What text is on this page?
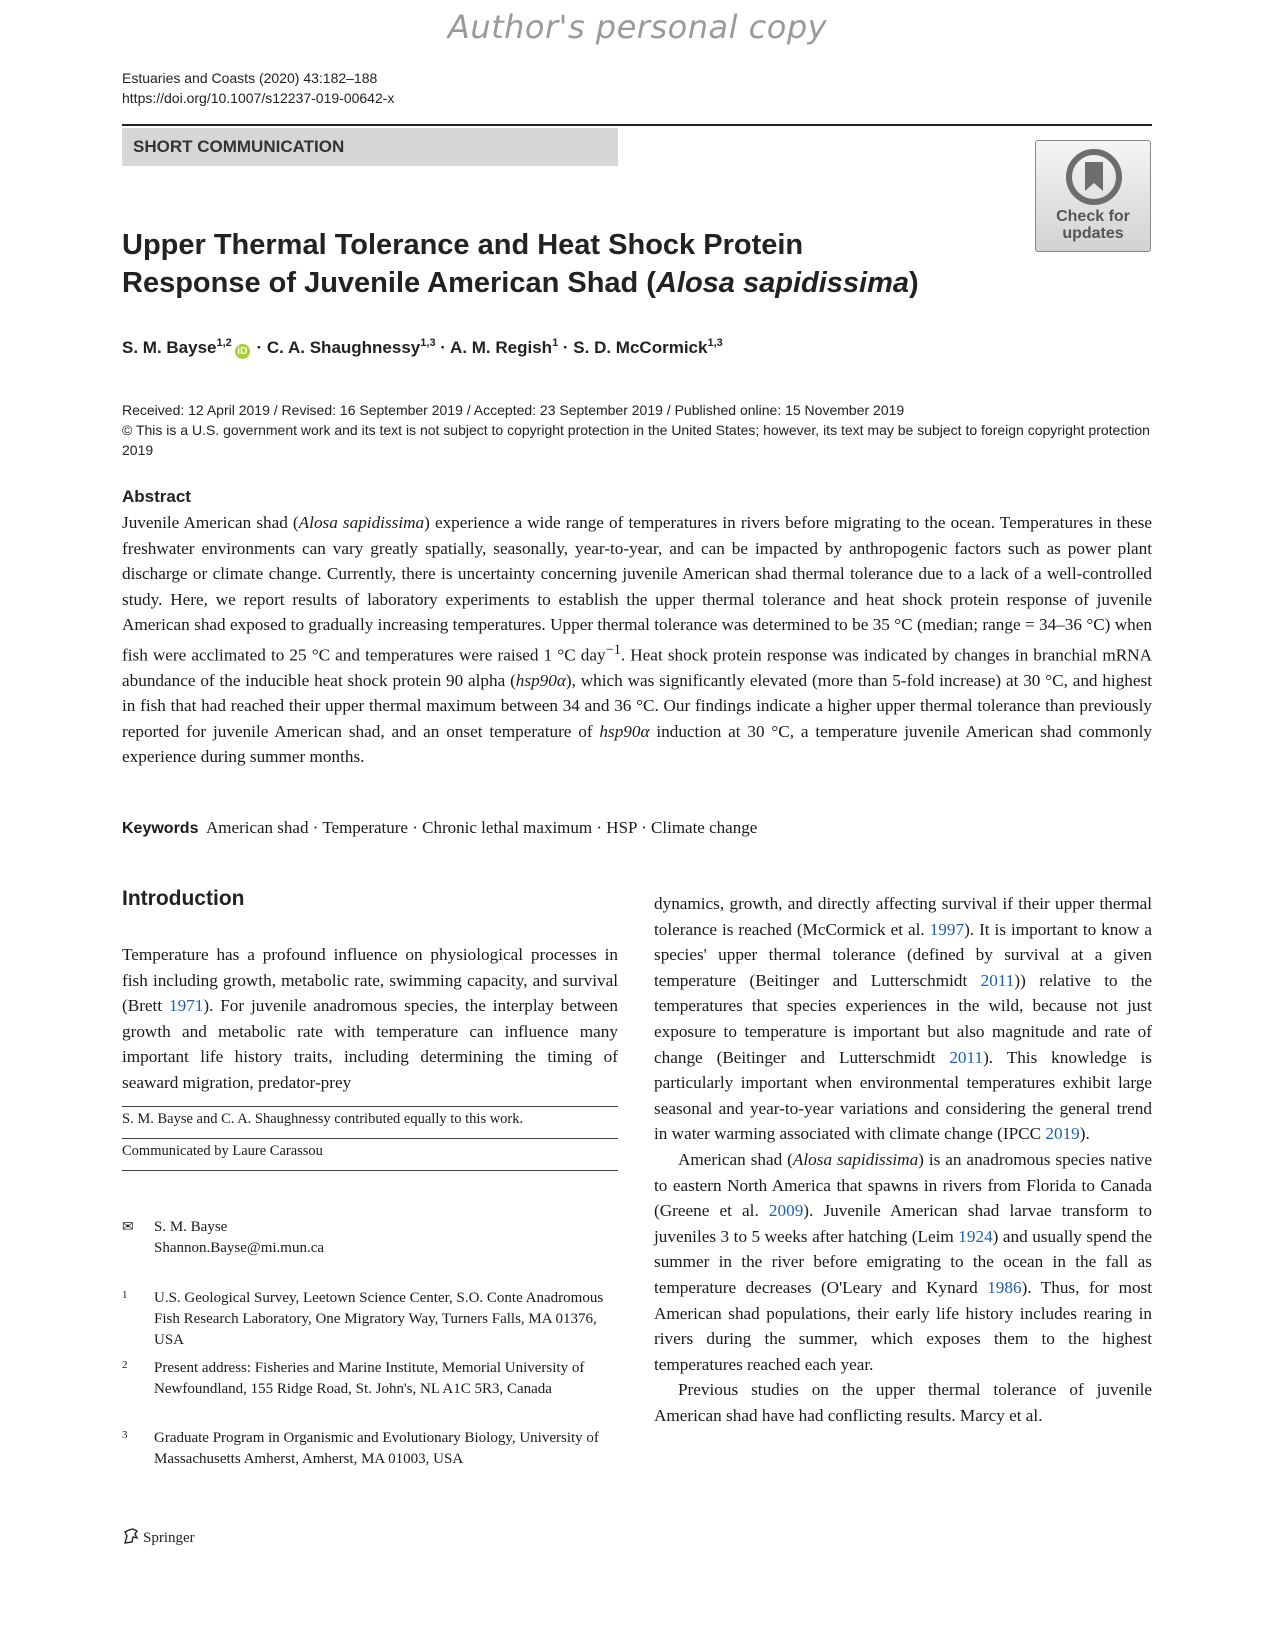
Author's personal copy
Estuaries and Coasts (2020) 43:182–188
https://doi.org/10.1007/s12237-019-00642-x
SHORT COMMUNICATION
Check for
updates
Upper Thermal Tolerance and Heat Shock Protein
Response of Juvenile American Shad (Alosa sapidissima)
S. M. Bayse$^{1,2}$iD · C. A. Shaughnessy$^{1,3}$ · A. M. Regish$^1$ · S. D. McCormick$^{1,3}$
Received: 12 April 2019 / Revised: 16 September 2019 / Accepted: 23 September 2019 / Published online: 15 November 2019
© This is a U.S. government work and its text is not subject to copyright protection in the United States; however, its text may be subject to foreign copyright protection 2019
Abstract
Juvenile American shad (Alosa sapidissima) experience a wide range of temperatures in rivers before migrating to the ocean. Temperatures in these freshwater environments can vary greatly spatially, seasonally, year-to-year, and can be impacted by anthropogenic factors such as power plant discharge or climate change. Currently, there is uncertainty concerning juvenile American shad thermal tolerance due to a lack of a well-controlled study. Here, we report results of laboratory experiments to establish the upper thermal tolerance and heat shock protein response of juvenile American shad exposed to gradually increasing temperatures. Upper thermal tolerance was determined to be 35 °C (median; range = 34–36 °C) when fish were acclimated to 25 °C and temperatures were raised 1 °C day$^{-1}$. Heat shock protein response was indicated by changes in branchial mRNA abundance of the inducible heat shock protein 90 alpha (hsp90α), which was significantly elevated (more than 5-fold increase) at 30 °C, and highest in fish that had reached their upper thermal maximum between 34 and 36 °C. Our findings indicate a higher upper thermal tolerance than previously reported for juvenile American shad, and an onset temperature of hsp90α induction at 30 °C, a temperature juvenile American shad commonly experience during summer months.
Keywords American shad · Temperature · Chronic lethal maximum · HSP · Climate change
Introduction
Temperature has a profound influence on physiological processes in fish including growth, metabolic rate, swimming capacity, and survival (Brett 1971). For juvenile anadromous species, the interplay between growth and metabolic rate with temperature can influence many important life history traits, including determining the timing of seaward migration, predator-prey
S. M. Bayse and C. A. Shaughnessy contributed equally to this work.
Communicated by Laure Carassou
✉ S. M. Bayse
Shannon.Bayse@mi.mun.ca
1 U.S. Geological Survey, Leetown Science Center, S.O. Conte Anadromous Fish Research Laboratory, One Migratory Way, Turners Falls, MA 01376, USA
2 Present address: Fisheries and Marine Institute, Memorial University of Newfoundland, 155 Ridge Road, St. John's, NL A1C 5R3, Canada
3 Graduate Program in Organismic and Evolutionary Biology, University of Massachusetts Amherst, Amherst, MA 01003, USA

dynamics, growth, and directly affecting survival if their upper thermal tolerance is reached (McCormick et al. 1997). It is important to know a species' upper thermal tolerance (defined by survival at a given temperature (Beitinger and Lutterschmidt 2011)) relative to the temperatures that species experiences in the wild, because not just exposure to temperature is important but also magnitude and rate of change (Beitinger and Lutterschmidt 2011). This knowledge is particularly important when environmental temperatures exhibit large seasonal and year-to-year variations and considering the general trend in water warming associated with climate change (IPCC 2019).

American shad (Alosa sapidissima) is an anadromous species native to eastern North America that spawns in rivers from Florida to Canada (Greene et al. 2009). Juvenile American shad larvae transform to juveniles 3 to 5 weeks after hatching (Leim 1924) and usually spend the summer in the river before emigrating to the ocean in the fall as temperature decreases (O'Leary and Kynard 1986). Thus, for most American shad populations, their early life history includes rearing in rivers during the summer, which exposes them to the highest temperatures reached each year.

Previous studies on the upper thermal tolerance of juvenile American shad have had conflicting results. Marcy et al.

Springer
